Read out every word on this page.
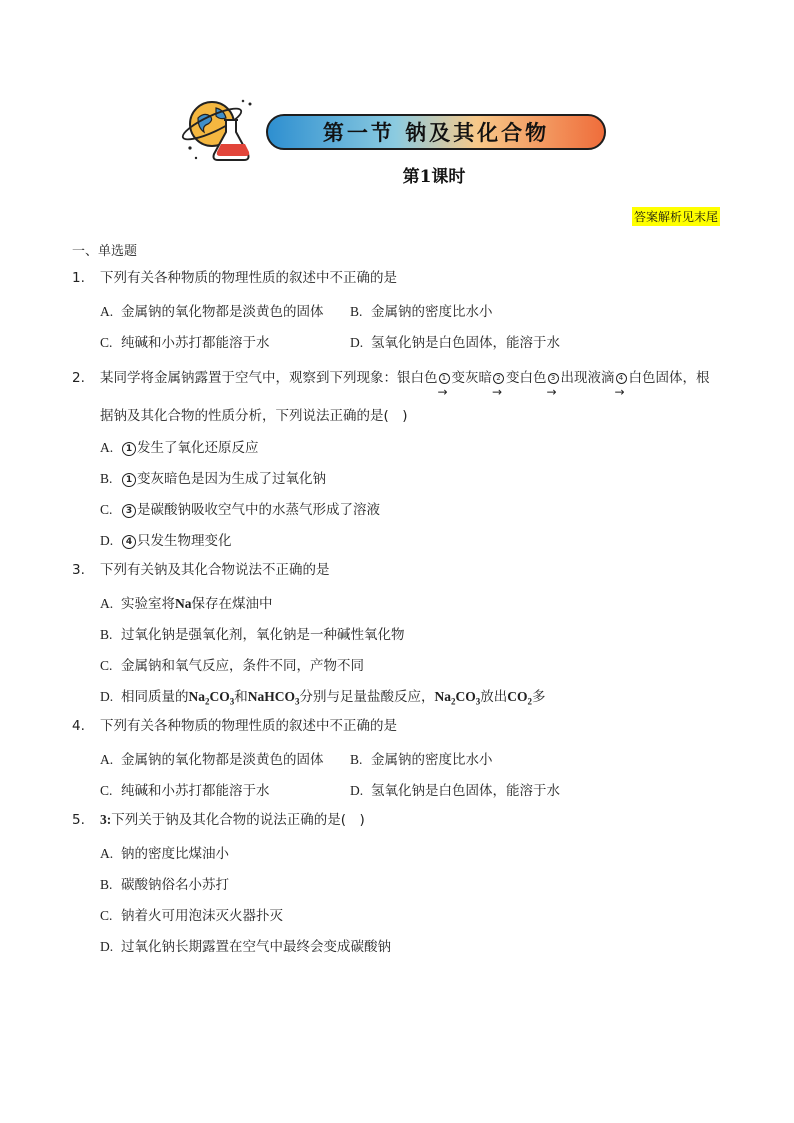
第一节 钠及其化合物
第1课时
答案解析见末尾
一、单选题
1. 下列有关各种物质的物理性质的叙述中不正确的是
A. 金属钠的氧化物都是淡黄色的固体 B. 金属钠的密度比水小
C. 纯碱和小苏打都能溶于水	D. 氢氧化钠是白色固体，能溶于水
2. 某同学将金属钠露置于空气中，观察到下列现象：银白色 1
→
变灰暗 2
→
变白色 3
→
出现液滴 4
→
白色固体，根
据钠及其化合物的性质分析，下列说法正确的是(　)
A. 1 发生了氧化还原反应
B. 1 变灰暗色是因为生成了过氧化钠
C. 3 是碳酸钠吸收空气中的水蒸气形成了溶液
D. 4 只发生物理变化
3. 下列有关钠及其化合物说法不正确的是
A. 实验室将Na保存在煤油中
B. 过氧化钠是强氧化剂，氧化钠是一种碱性氧化物
C. 金属钠和氧气反应，条件不同，产物不同
D. 相同质量的$Na_2CO_3$和NaHCO$_3$分别与足量盐酸反应，$Na_2CO_3$放出$CO_2$多
4. 下列有关各种物质的物理性质的叙述中不正确的是
A. 金属钠的氧化物都是淡黄色的固体 B. 金属钠的密度比水小
C. 纯碱和小苏打都能溶于水	D. 氢氧化钠是白色固体，能溶于水
5. 3:下列关于钠及其化合物的说法正确的是(　)
A. 钠的密度比煤油小
B. 碳酸钠俗名小苏打
C. 钠着火可用泡沫灭火器扑灭
D. 过氧化钠长期露置在空气中最终会变成碳酸钠
